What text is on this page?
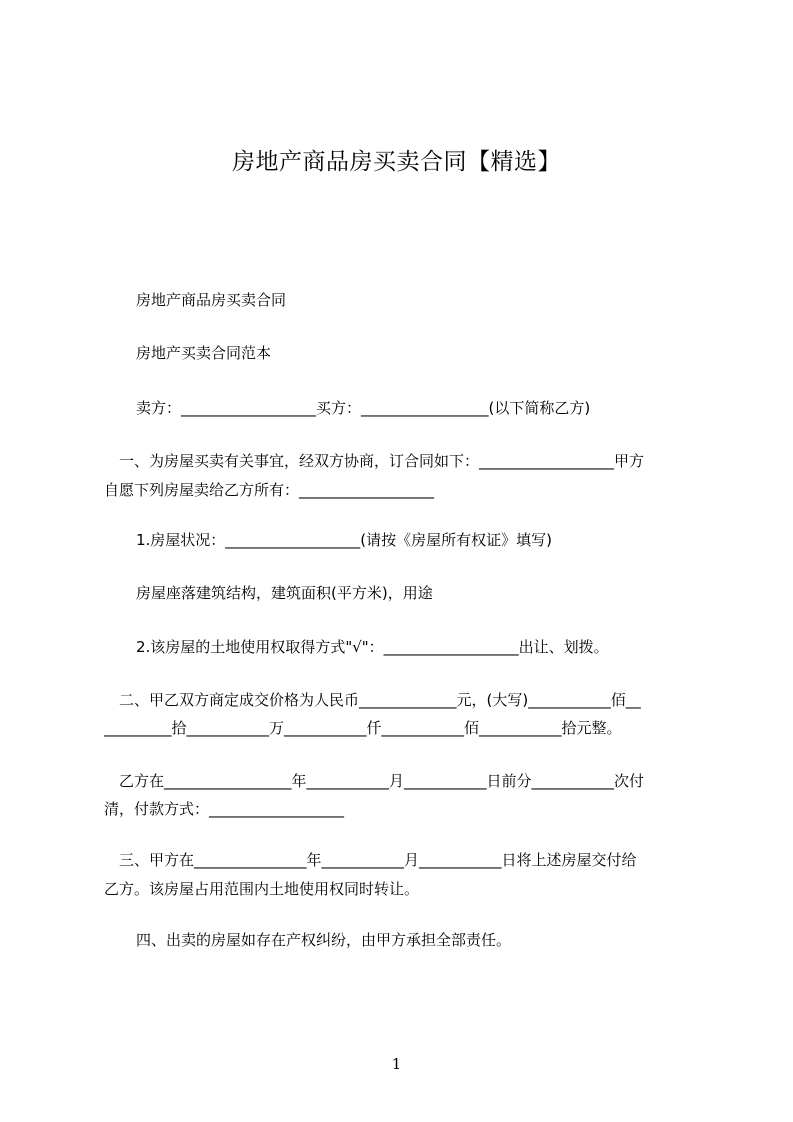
房地产商品房买卖合同【精选】
房地产商品房买卖合同
房地产买卖合同范本
卖方：__________________买方：_________________(以下简称乙方)
　一、为房屋买卖有关事宜，经双方协商，订合同如下：__________________甲方
自愿下列房屋卖给乙方所有：__________________
1.房屋状况：__________________(请按《房屋所有权证》填写)
房屋座落建筑结构，建筑面积(平方米)，用途
2.该房屋的土地使用权取得方式"√"：__________________出让、划拨。
　二、甲乙双方商定成交价格为人民币_____________元，(大写)___________佰__
_________拾___________万___________仟___________佰___________拾元整。
　乙方在_________________年___________月___________日前分___________次付
清，付款方式：__________________
　三、甲方在_______________年___________月___________日将上述房屋交付给
乙方。该房屋占用范围内土地使用权同时转让。
四、出卖的房屋如存在产权纠纷，由甲方承担全部责任。
1
